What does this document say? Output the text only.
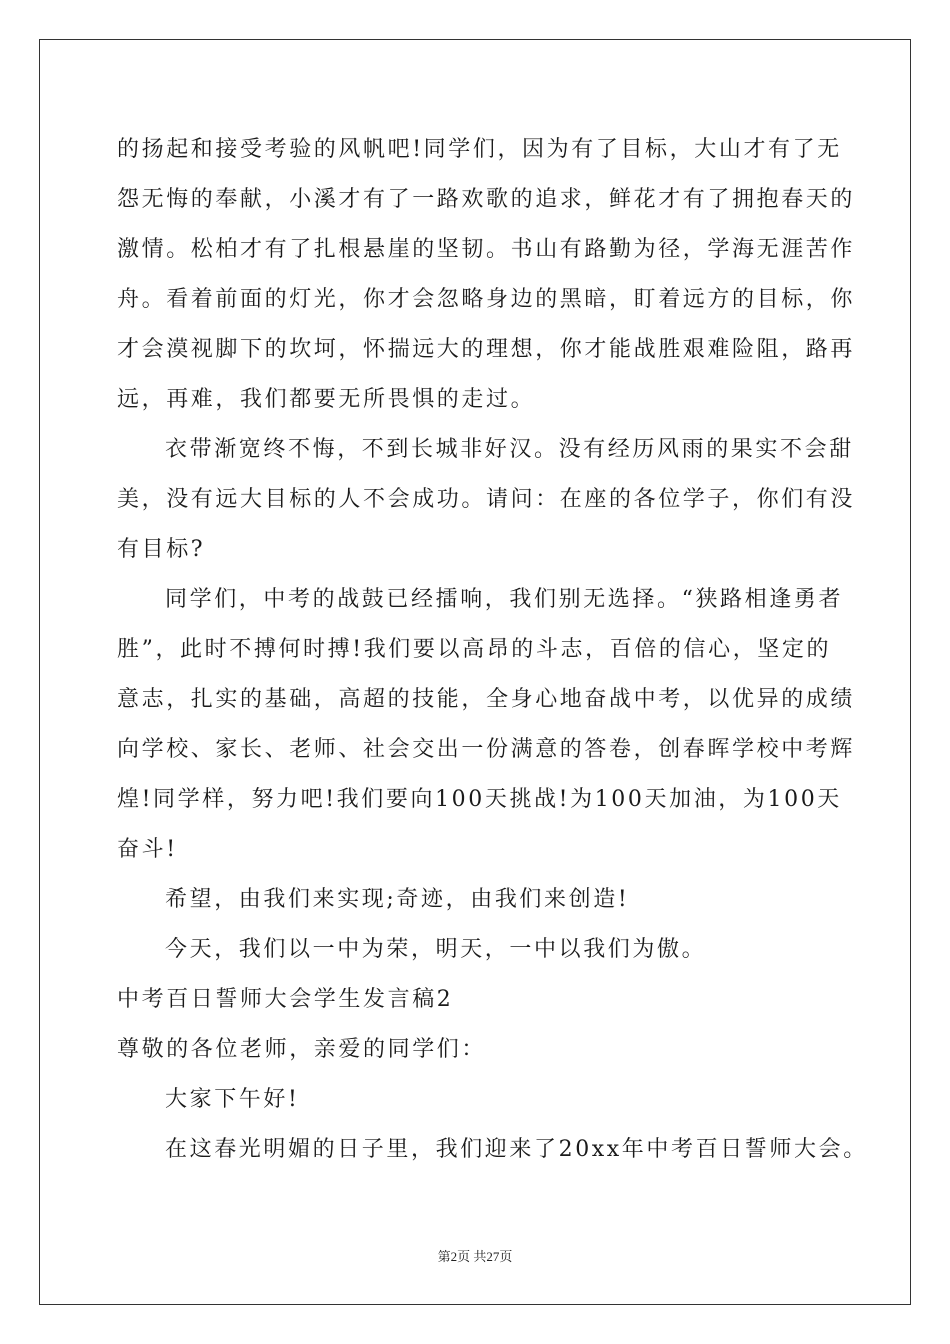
的扬起和接受考验的风帆吧!同学们，因为有了目标，大山才有了无

怨无悔的奉献，小溪才有了一路欢歌的追求，鲜花才有了拥抱春天的

激情。松柏才有了扎根悬崖的坚韧。书山有路勤为径，学海无涯苦作

舟。看着前面的灯光，你才会忽略身边的黑暗，盯着远方的目标，你

才会漠视脚下的坎坷，怀揣远大的理想，你才能战胜艰难险阻，路再

远，再难，我们都要无所畏惧的走过。

衣带渐宽终不悔，不到长城非好汉。没有经历风雨的果实不会甜

美，没有远大目标的人不会成功。请问：在座的各位学子，你们有没

有目标?

同学们，中考的战鼓已经擂响，我们别无选择。“狭路相逢勇者

胜”，此时不搏何时搏!我们要以高昂的斗志，百倍的信心，坚定的

意志，扎实的基础，高超的技能，全身心地奋战中考，以优异的成绩

向学校、家长、老师、社会交出一份满意的答卷，创春晖学校中考辉

煌!同学样，努力吧!我们要向100天挑战!为100天加油，为100天

奋斗!

希望，由我们来实现;奇迹，由我们来创造!

今天，我们以一中为荣，明天，一中以我们为傲。

中考百日誓师大会学生发言稿2

尊敬的各位老师，亲爱的同学们：

大家下午好!

在这春光明媚的日子里，我们迎来了20xx年中考百日誓师大会。

第2页 共27页
